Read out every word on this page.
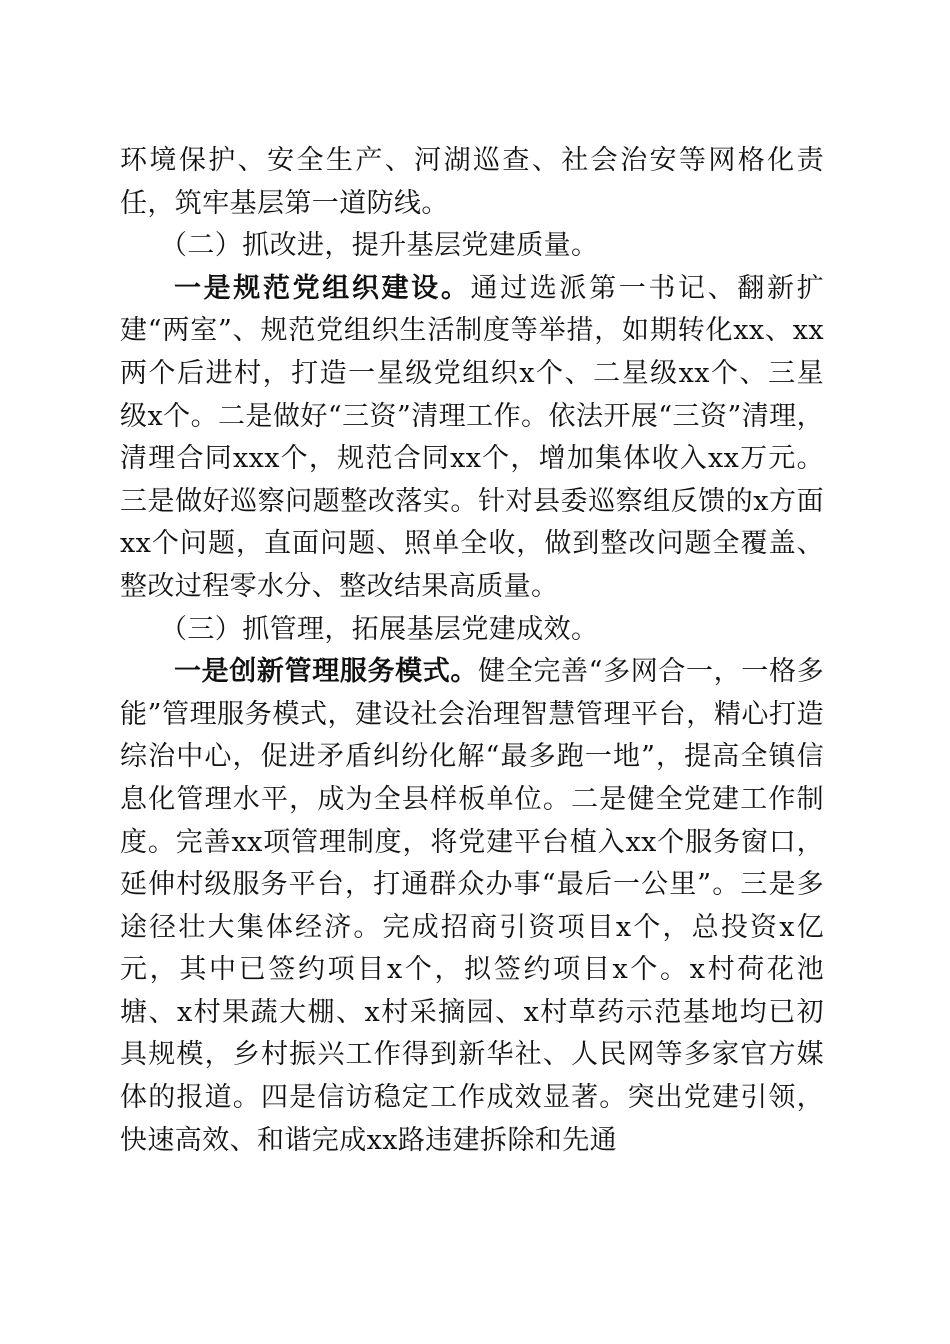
环境保护、安全生产、河湖巡查、社会治安等网格化责任，筑牢基层第一道防线。

（二）抓改进，提升基层党建质量。

一是规范党组织建设。通过选派第一书记、翻新扩建“两室”、规范党组织生活制度等举措，如期转化xx、xx两个后进村，打造一星级党组织x个、二星级xx个、三星级x个。二是做好“三资”清理工作。依法开展“三资”清理，清理合同xxx个，规范合同xx个，增加集体收入xx万元。三是做好巡察问题整改落实。针对县委巡察组反馈的x方面xx个问题，直面问题、照单全收，做到整改问题全覆盖、整改过程零水分、整改结果高质量。

（三）抓管理，拓展基层党建成效。

一是创新管理服务模式。健全完善“多网合一，一格多能”管理服务模式，建设社会治理智慧管理平台，精心打造综治中心，促进矛盾纠纷化解“最多跑一地”，提高全镇信息化管理水平，成为全县样板单位。二是健全党建工作制度。完善xx项管理制度，将党建平台植入xx个服务窗口，延伸村级服务平台，打通群众办事“最后一公里”。三是多途径壮大集体经济。完成招商引资项目x个，总投资x亿元，其中已签约项目x个，拟签约项目x个。x村荷花池塘、x村果蔬大棚、x村采摘园、x村草药示范基地均已初具规模，乡村振兴工作得到新华社、人民网等多家官方媒体的报道。四是信访稳定工作成效显著。突出党建引领，快速高效、和谐完成xx路违建拆除和先通
